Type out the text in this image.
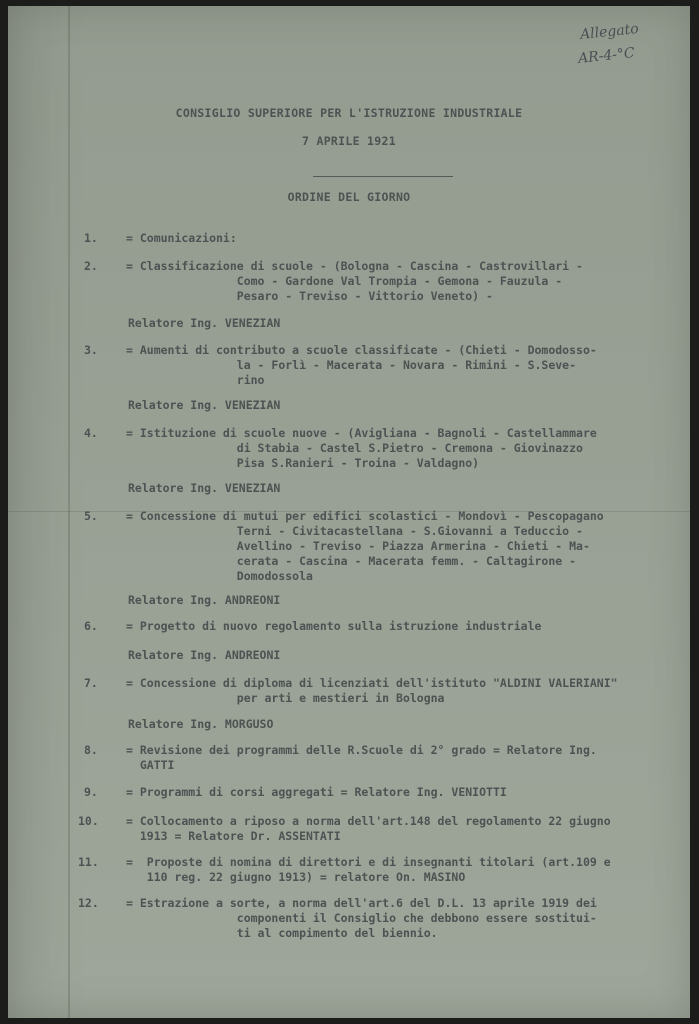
Allegato
AR-4-°C
CONSIGLIO SUPERIORE PER L'ISTRUZIONE INDUSTRIALE
7 APRILE 1921
ORDINE DEL GIORNO
1. = Comunicazioni:
2. = Classificazione di scuole - (Bologna - Cascina - Castrovillari -
Como - Gardone Val Trompia - Gemona - Fauzula -
Pesaro - Treviso - Vittorio Veneto) -
Relatore Ing. VENEZIAN
3. = Aumenti di contributo a scuole classificate - (Chieti - Domodosso-
la - Forlì - Macerata - Novara - Rimini - S.Seve-
rino
Relatore Ing. VENEZIAN
4. = Istituzione di scuole nuove - (Avigliana - Bagnoli - Castellammare
di Stabia - Castel S.Pietro - Cremona - Giovinazzo
Pisa S.Ranieri - Troina - Valdagno)
Relatore Ing. VENEZIAN
5. = Concessione di mutui per edifici scolastici - Mondovì - Pescopagano
Terni - Civitacastellana - S.Giovanni a Teduccio -
Avellino - Treviso - Piazza Armerina - Chieti - Ma-
cerata - Cascina - Macerata femm. - Caltagirone -
Domodossola
Relatore Ing. ANDREONI
6. = Progetto di nuovo regolamento sulla istruzione industriale
Relatore Ing. ANDREONI
7. = Concessione di diploma di licenziati dell'istituto "ALDINI VALERIANI"
per arti e mestieri in Bologna
Relatore Ing. MORGUSO
8. = Revisione dei programmi delle R.Scuole di 2° grado = Relatore Ing.
GATTI
9. = Programmi di corsi aggregati = Relatore Ing. VENIOTTI
10. = Collocamento a riposo a norma dell'art.148 del regolamento 22 giugno
1913 = Relatore Dr. ASSENTATI
11. =  Proposte di nomina di direttori e di insegnanti titolari (art.109 e
110 reg. 22 giugno 1913) = relatore On. MASINO
12. = Estrazione a sorte, a norma dell'art.6 del D.L. 13 aprile 1919 dei
componenti il Consiglio che debbono essere sostitui-
ti al compimento del biennio.
